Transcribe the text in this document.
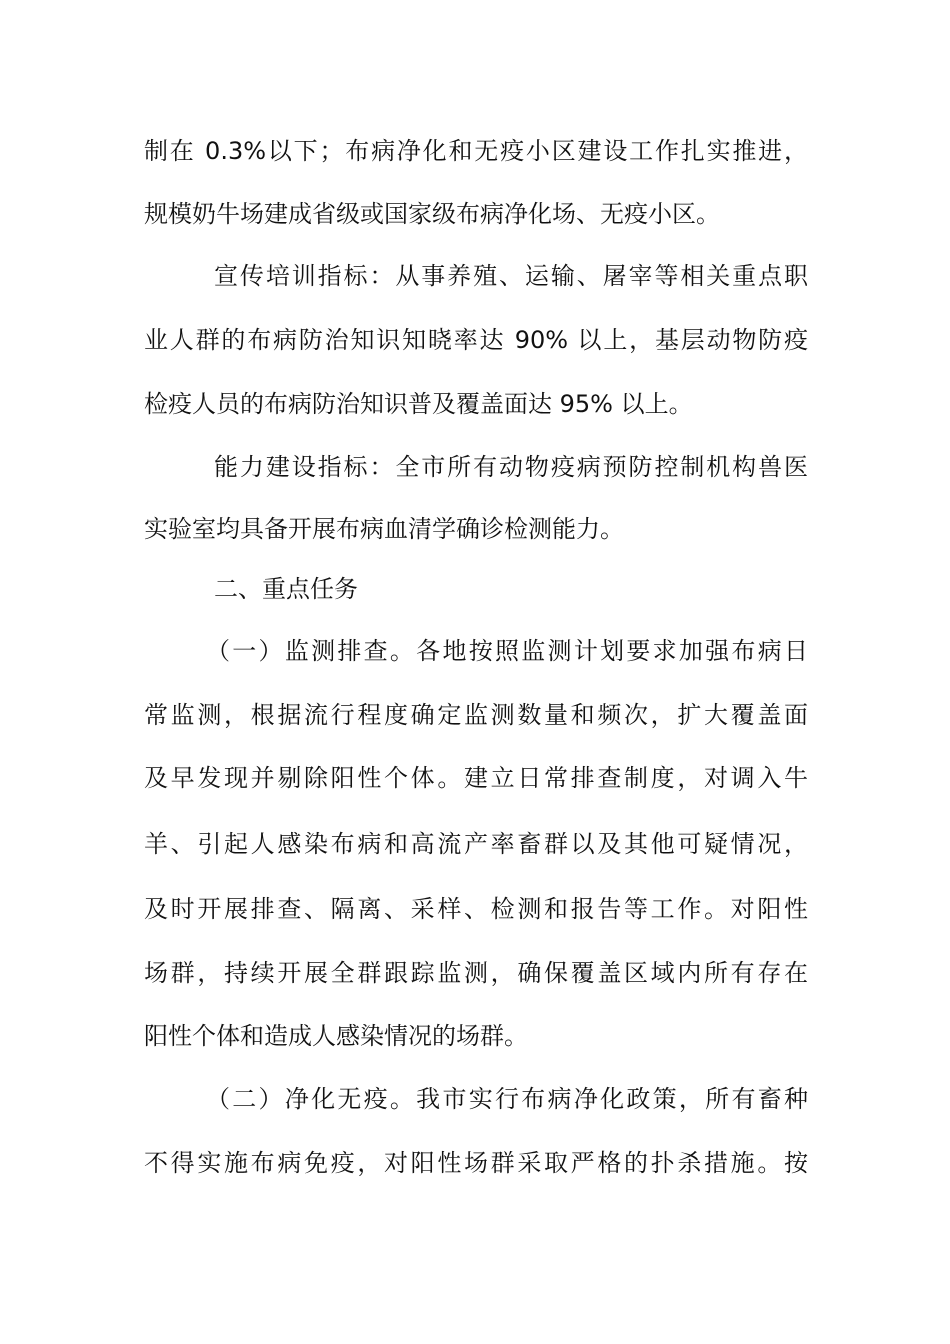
制在 0.3%以下；布病净化和无疫小区建设工作扎实推进，
规模奶牛场建成省级或国家级布病净化场、无疫小区。
宣传培训指标：从事养殖、运输、屠宰等相关重点职
业人群的布病防治知识知晓率达 90% 以上，基层动物防疫
检疫人员的布病防治知识普及覆盖面达 95% 以上。
能力建设指标：全市所有动物疫病预防控制机构兽医
实验室均具备开展布病血清学确诊检测能力。
二、重点任务
（一）监测排查。各地按照监测计划要求加强布病日
常监测，根据流行程度确定监测数量和频次，扩大覆盖面
及早发现并剔除阳性个体。建立日常排查制度，对调入牛
羊、引起人感染布病和高流产率畜群以及其他可疑情况，
及时开展排查、隔离、采样、检测和报告等工作。对阳性
场群，持续开展全群跟踪监测，确保覆盖区域内所有存在
阳性个体和造成人感染情况的场群。
（二）净化无疫。我市实行布病净化政策，所有畜种
不得实施布病免疫，对阳性场群采取严格的扑杀措施。按
